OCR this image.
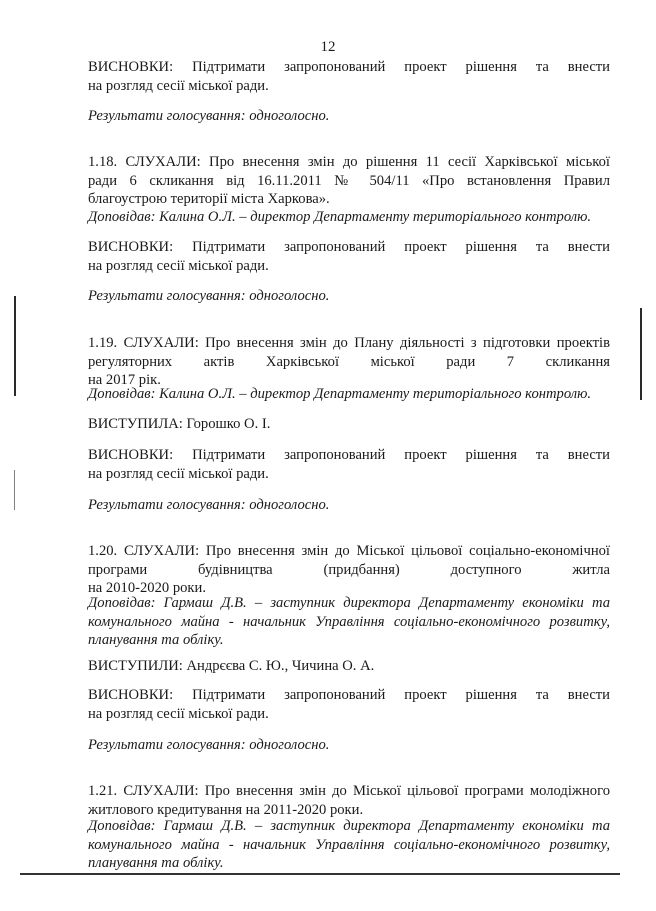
12
ВИСНОВКИ: Підтримати запропонований проект рішення та внести
на розгляд сесії міської ради.
Результати голосування: одноголосно.
1.18. СЛУХАЛИ: Про внесення змін до рішення 11 сесії Харківської міської
ради 6 скликання від 16.11.2011 № 504/11 «Про встановлення Правил
благоустрою території міста Харкова».
Доповідав: Калина О.Л. – директор Департаменту територіального контролю.
ВИСНОВКИ: Підтримати запропонований проект рішення та внести
на розгляд сесії міської ради.
Результати голосування: одноголосно.
1.19. СЛУХАЛИ: Про внесення змін до Плану діяльності з підготовки проектів
регуляторних актів Харківської міської ради 7 скликання
на 2017 рік.
Доповідав: Калина О.Л. – директор Департаменту територіального контролю.
ВИСТУПИЛА: Горошко О. І.
ВИСНОВКИ: Підтримати запропонований проект рішення та внести
на розгляд сесії міської ради.
Результати голосування: одноголосно.
1.20. СЛУХАЛИ: Про внесення змін до Міської цільової соціально-економічної
програми будівництва (придбання) доступного житла
на 2010-2020 роки.
Доповідав: Гармаш Д.В. – заступник директора Департаменту економіки та
комунального майна - начальник Управління соціально-економічного розвитку,
планування та обліку.
ВИСТУПИЛИ: Андрєєва С. Ю., Чичина О. А.
ВИСНОВКИ: Підтримати запропонований проект рішення та внести
на розгляд сесії міської ради.
Результати голосування: одноголосно.
1.21. СЛУХАЛИ: Про внесення змін до Міської цільової програми молодіжного
житлового кредитування на 2011-2020 роки.
Доповідав: Гармаш Д.В. – заступник директора Департаменту економіки та
комунального майна - начальник Управління соціально-економічного розвитку,
планування та обліку.
